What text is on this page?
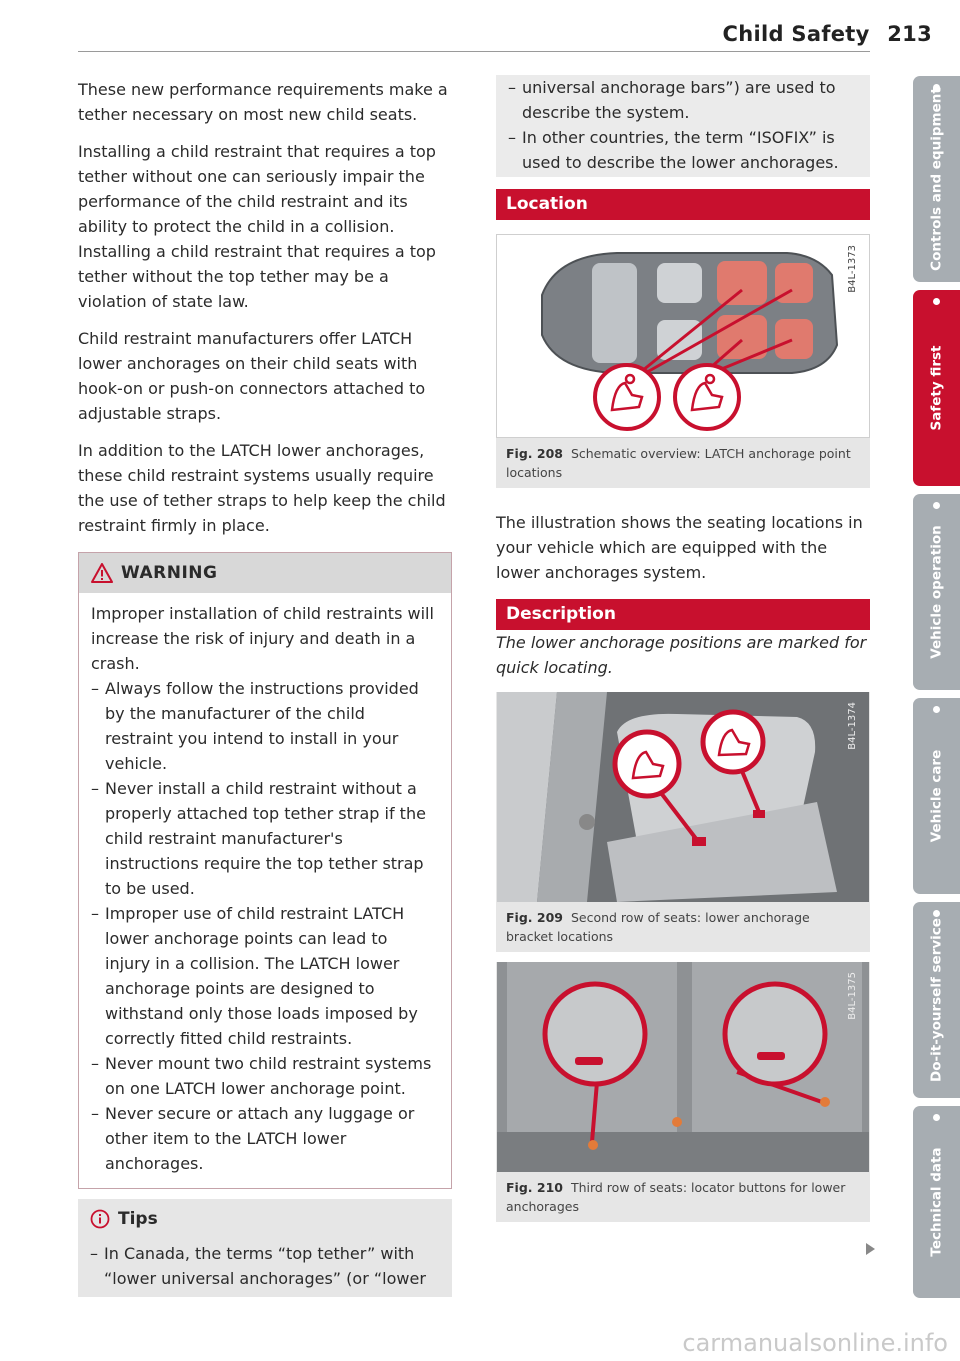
Child Safety 213

These new performance requirements make a tether necessary on most new child seats.

Installing a child restraint that requires a top tether without one can seriously impair the performance of the child restraint and its ability to protect the child in a collision. Installing a child restraint that requires a top tether without the top tether may be a violation of state law.

Child restraint manufacturers offer LATCH lower anchorages on their child seats with hook-on or push-on connectors attached to adjustable straps.

In addition to the LATCH lower anchorages, these child restraint systems usually require the use of tether straps to help keep the child restraint firmly in place.

WARNING

Improper installation of child restraints will increase the risk of injury and death in a crash.

– Always follow the instructions provided by the manufacturer of the child restraint you intend to install in your vehicle.
– Never install a child restraint without a properly attached top tether strap if the child restraint manufacturer's instructions require the top tether strap to be used.
– Improper use of child restraint LATCH lower anchorage points can lead to injury in a collision. The LATCH lower anchorage points are designed to withstand only those loads imposed by correctly fitted child restraints.
– Never mount two child restraint systems on one LATCH lower anchorage point.
– Never secure or attach any luggage or other item to the LATCH lower anchorages.
Tips
– In Canada, the terms “top tether” with “lower universal anchorages” (or “lower
– universal anchorage bars”) are used to describe the system.
– In other countries, the term “ISOFIX” is used to describe the lower anchorages.
Location
B4L-1373
Fig. 208 Schematic overview: LATCH anchorage point locations

The illustration shows the seating locations in your vehicle which are equipped with the lower anchorages system.

Description

The lower anchorage positions are marked for quick locating.

B4L-1374
Fig. 209 Second row of seats: lower anchorage bracket locations
B4L-1375
Fig. 210 Third row of seats: locator buttons for lower anchorages
Controls and equipment
Safety first
Vehicle operation
Vehicle care
Do-it-yourself service
Technical data
carmanualsonline.info
